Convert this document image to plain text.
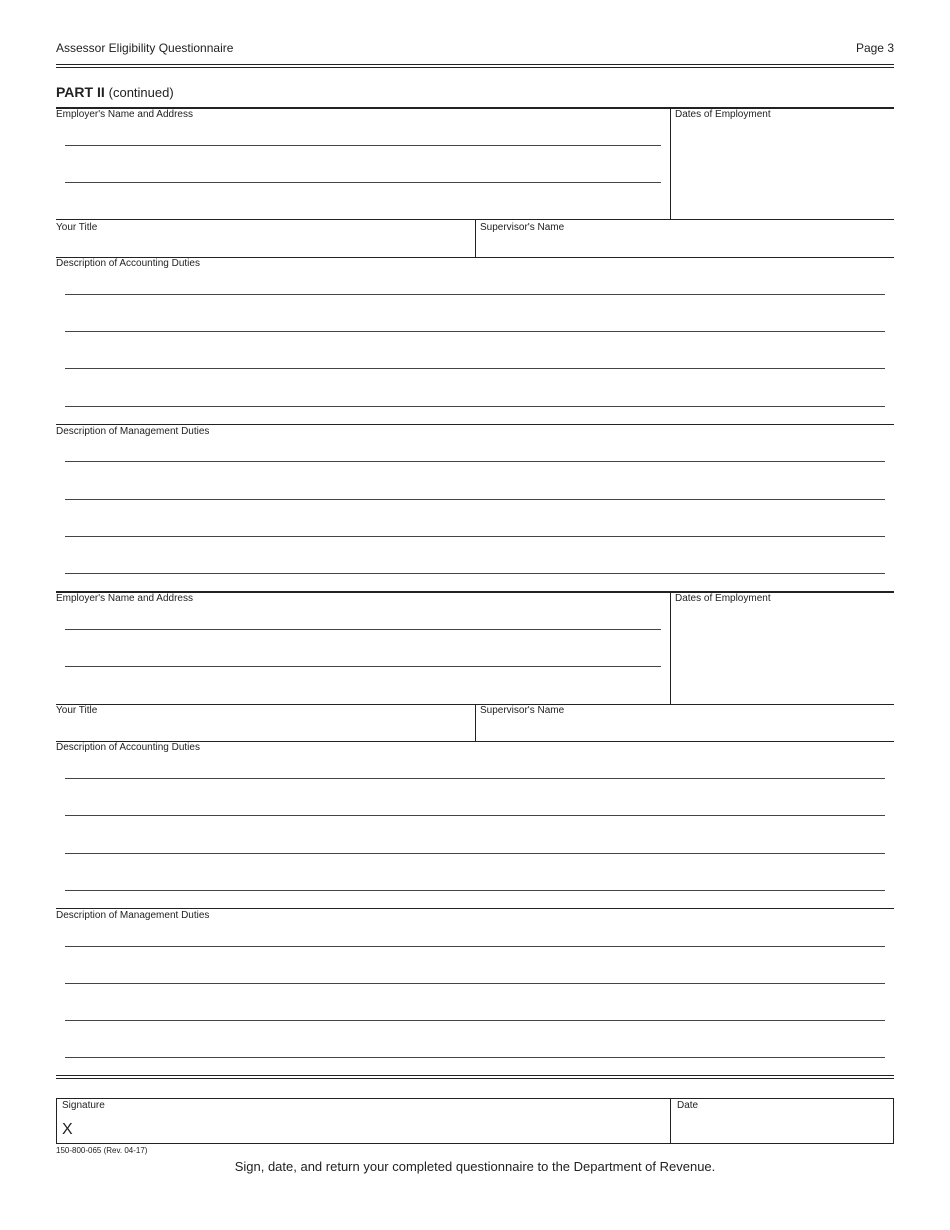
Assessor Eligibility Questionnaire	Page 3
PART II (continued)
Employer's Name and Address	Dates of Employment
Your Title	Supervisor's Name
Description of Accounting Duties
Description of Management Duties
Employer's Name and Address	Dates of Employment
Your Title	Supervisor's Name
Description of Accounting Duties
Description of Management Duties
Signature
X
Date
150-800-065 (Rev. 04-17)
Sign, date, and return your completed questionnaire to the Department of Revenue.
